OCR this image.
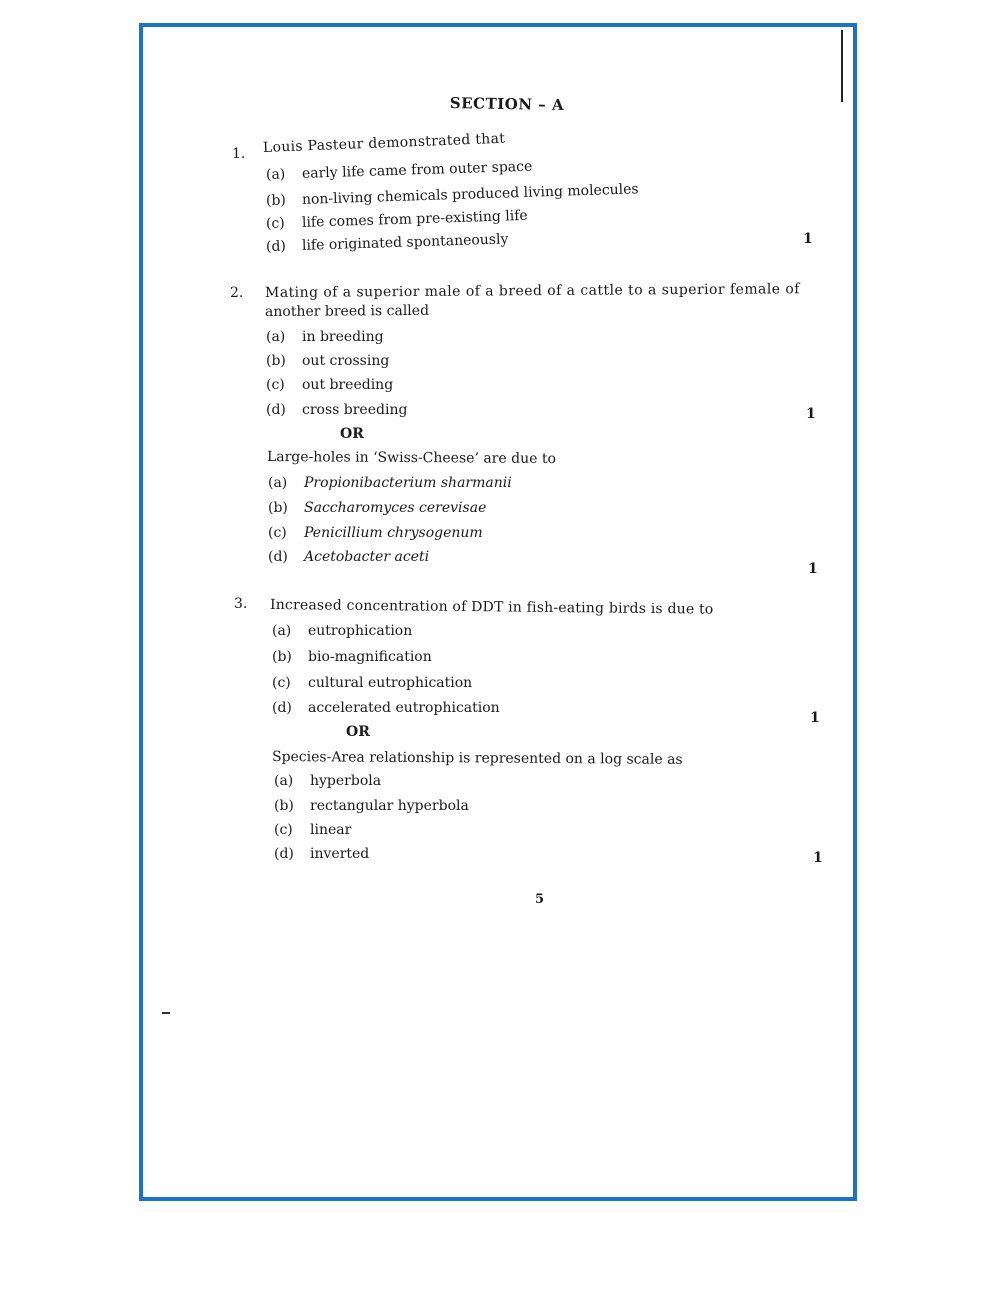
SECTION – A
1. Louis Pasteur demonstrated that
(a) early life came from outer space
(b) non-living chemicals produced living molecules
(c) life comes from pre-existing life
(d) life originated spontaneously	1
2. Mating of a superior male of a breed of a cattle to a superior female of
another breed is called
(a) in breeding
(b) out crossing
(c) out breeding
(d) cross breeding	1
OR
Large-holes in ‘Swiss-Cheese’ are due to
(a) Propionibacterium sharmanii
(b) Saccharomyces cerevisae
(c) Penicillium chrysogenum
(d) Acetobacter aceti
1
3. Increased concentration of DDT in fish-eating birds is due to
(a) eutrophication
(b) bio-magnification
(c) cultural eutrophication
(d) accelerated eutrophication
1
OR
Species-Area relationship is represented on a log scale as
(a) hyperbola
(b) rectangular hyperbola
(c) linear
(d) inverted	1
5
